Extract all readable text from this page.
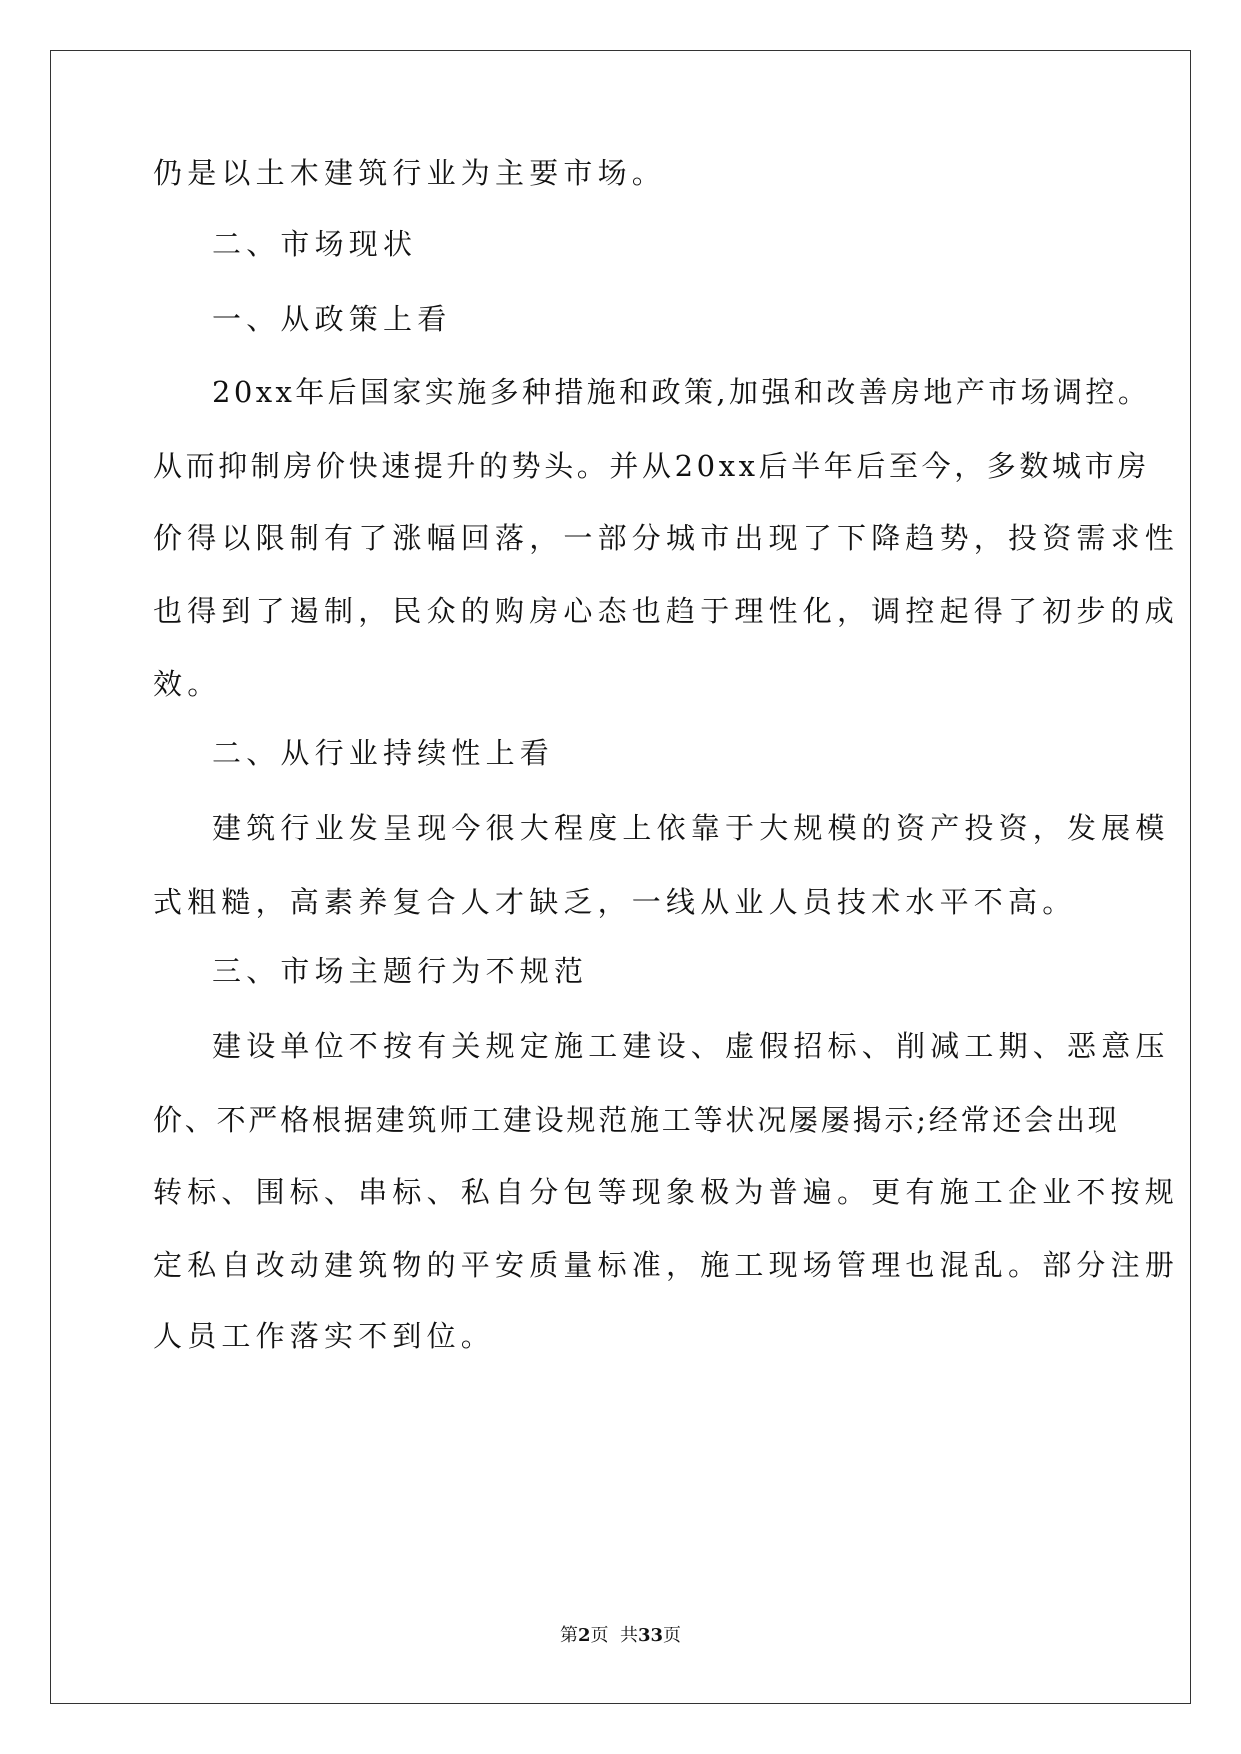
仍是以土木建筑行业为主要市场。
二、市场现状
一、从政策上看
20xx年后国家实施多种措施和政策,加强和改善房地产市场调控。
从而抑制房价快速提升的势头。并从20xx后半年后至今，多数城市房
价得以限制有了涨幅回落，一部分城市出现了下降趋势，投资需求性
也得到了遏制，民众的购房心态也趋于理性化，调控起得了初步的成
效。
二、从行业持续性上看
建筑行业发呈现今很大程度上依靠于大规模的资产投资，发展模
式粗糙，高素养复合人才缺乏，一线从业人员技术水平不高。
三、市场主题行为不规范
建设单位不按有关规定施工建设、虚假招标、削减工期、恶意压
价、不严格根据建筑师工建设规范施工等状况屡屡揭示;经常还会出现
转标、围标、串标、私自分包等现象极为普遍。更有施工企业不按规
定私自改动建筑物的平安质量标准，施工现场管理也混乱。部分注册
人员工作落实不到位。
第2页  共33页
